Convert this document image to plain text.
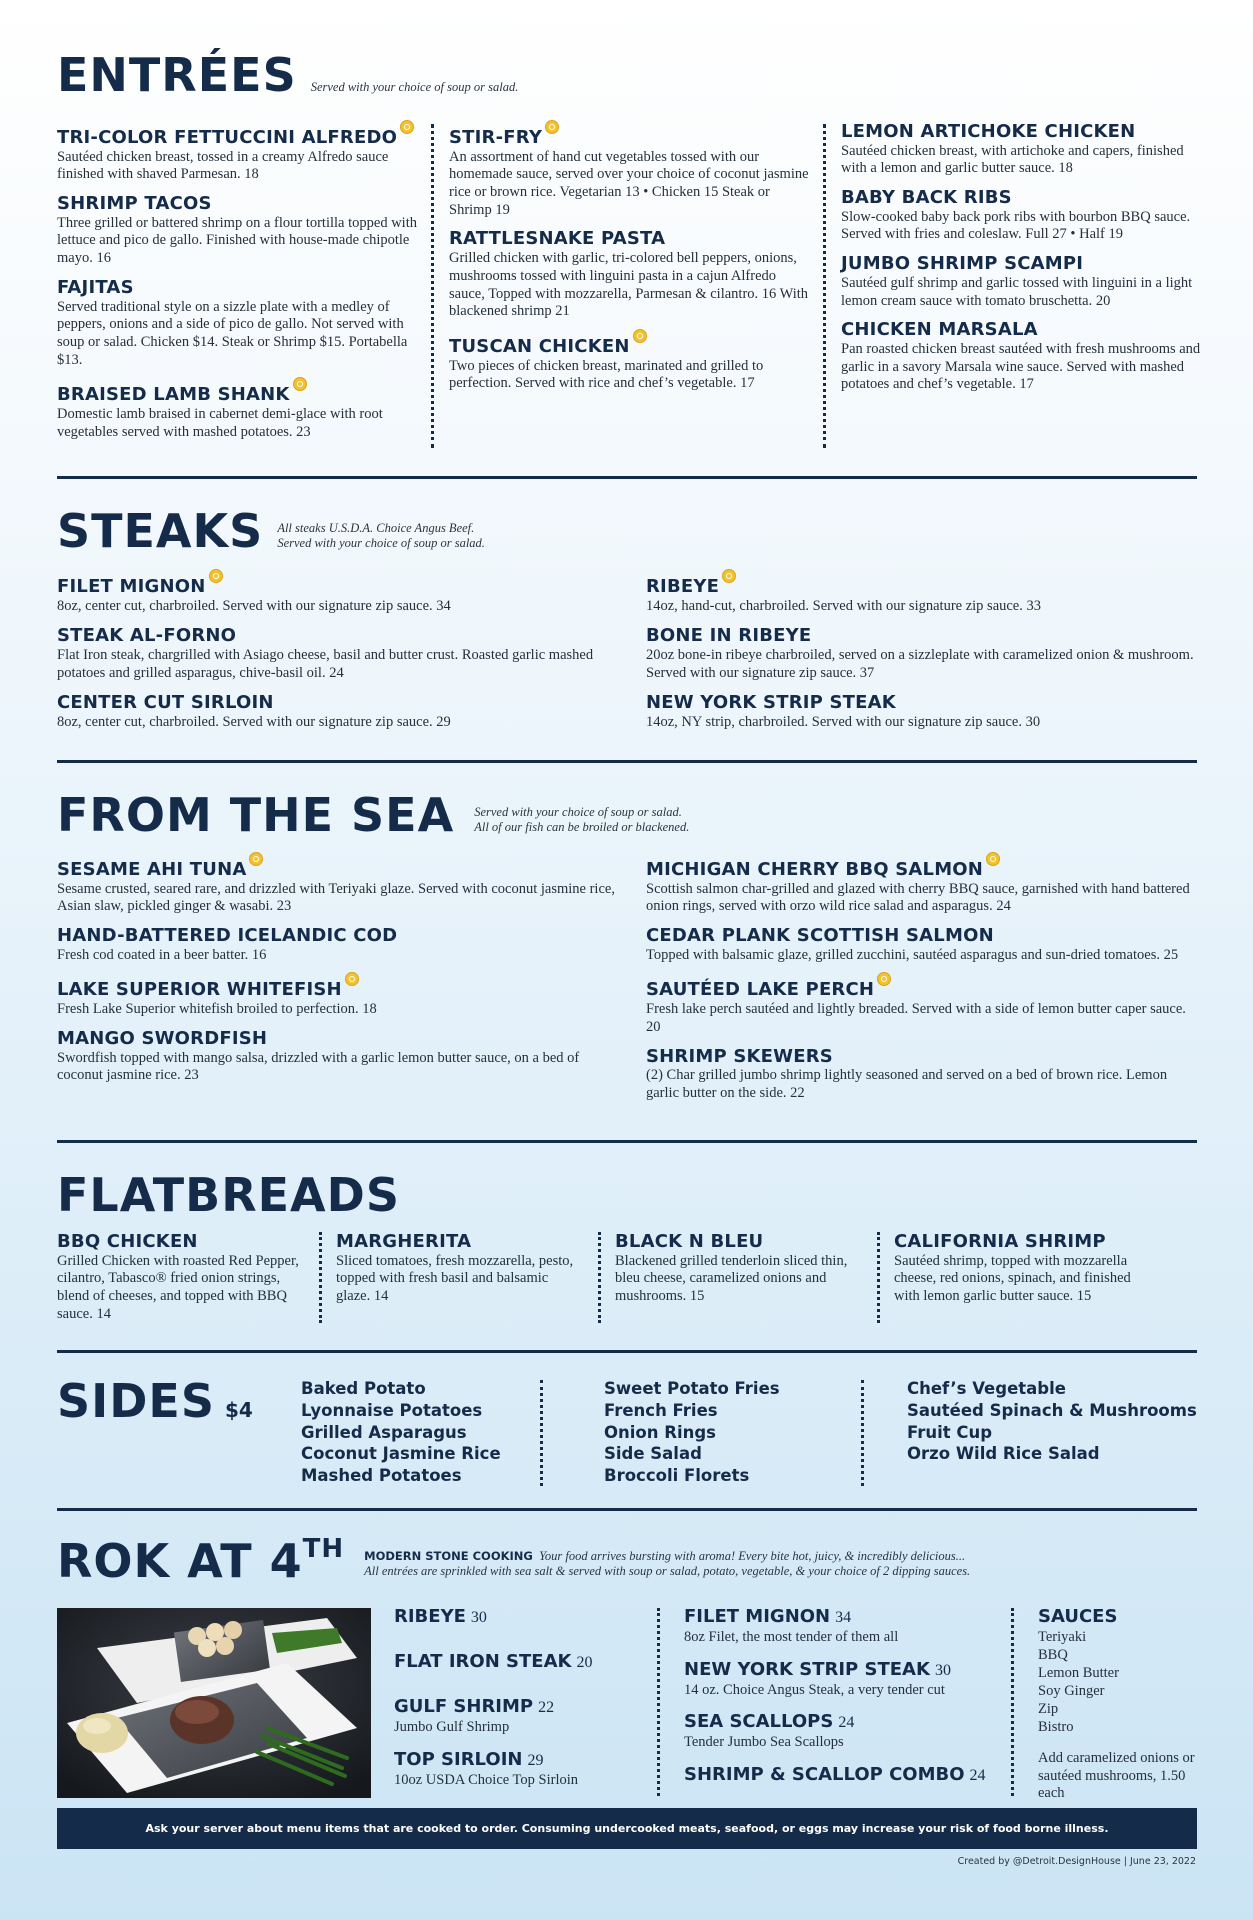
ENTRÉES Served with your choice of soup or salad.
TRI-COLOR FETTUCCINI ALFREDO
Sautéed chicken breast, tossed in a creamy Alfredo sauce finished with shaved Parmesan. 18
SHRIMP TACOS
Three grilled or battered shrimp on a flour tortilla topped with lettuce and pico de gallo. Finished with house-made chipotle mayo. 16
FAJITAS
Served traditional style on a sizzle plate with a medley of peppers, onions and a side of pico de gallo. Not served with soup or salad. Chicken $14. Steak or Shrimp $15. Portabella $13.
BRAISED LAMB SHANK
Domestic lamb braised in cabernet demi-glace with root vegetables served with mashed potatoes. 23
STIR-FRY
An assortment of hand cut vegetables tossed with our homemade sauce, served over your choice of coconut jasmine rice or brown rice. Vegetarian 13 • Chicken 15 Steak or Shrimp 19
RATTLESNAKE PASTA
Grilled chicken with garlic, tri-colored bell peppers, onions, mushrooms tossed with linguini pasta in a cajun Alfredo sauce, Topped with mozzarella, Parmesan & cilantro. 16 With blackened shrimp 21
TUSCAN CHICKEN
Two pieces of chicken breast, marinated and grilled to perfection. Served with rice and chef’s vegetable. 17
LEMON ARTICHOKE CHICKEN
Sautéed chicken breast, with artichoke and capers, finished with a lemon and garlic butter sauce. 18
BABY BACK RIBS
Slow-cooked baby back pork ribs with bourbon BBQ sauce. Served with fries and coleslaw. Full 27 • Half 19
JUMBO SHRIMP SCAMPI
Sautéed gulf shrimp and garlic tossed with linguini in a light lemon cream sauce with tomato bruschetta. 20
CHICKEN MARSALA
Pan roasted chicken breast sautéed with fresh mushrooms and garlic in a savory Marsala wine sauce. Served with mashed potatoes and chef’s vegetable. 17
STEAKS All steaks U.S.D.A. Choice Angus Beef.
Served with your choice of soup or salad.
FILET MIGNON
8oz, center cut, charbroiled. Served with our signature zip sauce. 34
STEAK AL-FORNO
Flat Iron steak, chargrilled with Asiago cheese, basil and butter crust. Roasted garlic mashed potatoes and grilled asparagus, chive-basil oil. 24
CENTER CUT SIRLOIN
8oz, center cut, charbroiled. Served with our signature zip sauce. 29
RIBEYE
14oz, hand-cut, charbroiled. Served with our signature zip sauce. 33
BONE IN RIBEYE
20oz bone-in ribeye charbroiled, served on a sizzleplate with caramelized onion & mushroom. Served with our signature zip sauce. 37
NEW YORK STRIP STEAK
14oz, NY strip, charbroiled. Served with our signature zip sauce. 30
FROM THE SEA Served with your choice of soup or salad.
All of our fish can be broiled or blackened.
SESAME AHI TUNA
Sesame crusted, seared rare, and drizzled with Teriyaki glaze. Served with coconut jasmine rice, Asian slaw, pickled ginger & wasabi. 23
HAND-BATTERED ICELANDIC COD
Fresh cod coated in a beer batter. 16
LAKE SUPERIOR WHITEFISH
Fresh Lake Superior whitefish broiled to perfection. 18
MANGO SWORDFISH
Swordfish topped with mango salsa, drizzled with a garlic lemon butter sauce, on a bed of coconut jasmine rice. 23
MICHIGAN CHERRY BBQ SALMON
Scottish salmon char-grilled and glazed with cherry BBQ sauce, garnished with hand battered onion rings, served with orzo wild rice salad and asparagus. 24
CEDAR PLANK SCOTTISH SALMON
Topped with balsamic glaze, grilled zucchini, sautéed asparagus and sun-dried tomatoes. 25
SAUTÉED LAKE PERCH
Fresh lake perch sautéed and lightly breaded. Served with a side of lemon butter caper sauce. 20
SHRIMP SKEWERS
(2) Char grilled jumbo shrimp lightly seasoned and served on a bed of brown rice. Lemon garlic butter on the side. 22
FLATBREADS
BBQ CHICKEN
Grilled Chicken with roasted Red Pepper, cilantro, Tabasco® fried onion strings, blend of cheeses, and topped with BBQ sauce. 14
MARGHERITA
Sliced tomatoes, fresh mozzarella, pesto, topped with fresh basil and balsamic glaze. 14
BLACK N BLEU
Blackened grilled tenderloin sliced thin, bleu cheese, caramelized onions and mushrooms. 15
CALIFORNIA SHRIMP
Sautéed shrimp, topped with mozzarella cheese, red onions, spinach, and finished with lemon garlic butter sauce. 15
SIDES $4
Baked Potato
Lyonnaise Potatoes
Grilled Asparagus
Coconut Jasmine Rice
Mashed Potatoes
Sweet Potato Fries
French Fries
Onion Rings
Side Salad
Broccoli Florets
Chef’s Vegetable
Sautéed Spinach & Mushrooms
Fruit Cup
Orzo Wild Rice Salad
ROK AT 4TH MODERN STONE COOKING Your food arrives bursting with aroma! Every bite hot, juicy, & incredibly delicious...
All entrées are sprinkled with sea salt & served with soup or salad, potato, vegetable, & your choice of 2 dipping sauces.
RIBEYE 30
FLAT IRON STEAK 20
GULF SHRIMP 22
Jumbo Gulf Shrimp
TOP SIRLOIN 29
10oz USDA Choice Top Sirloin
FILET MIGNON 34
8oz Filet, the most tender of them all
NEW YORK STRIP STEAK 30
14 oz. Choice Angus Steak, a very tender cut
SEA SCALLOPS 24
Tender Jumbo Sea Scallops
SHRIMP & SCALLOP COMBO 24
SAUCES
Teriyaki
BBQ
Lemon Butter
Soy Ginger
Zip
Bistro
Add caramelized onions or sautéed mushrooms, 1.50 each
Ask your server about menu items that are cooked to order. Consuming undercooked meats, seafood, or eggs may increase your risk of food borne illness.
Created by @Detroit.DesignHouse | June 23, 2022
